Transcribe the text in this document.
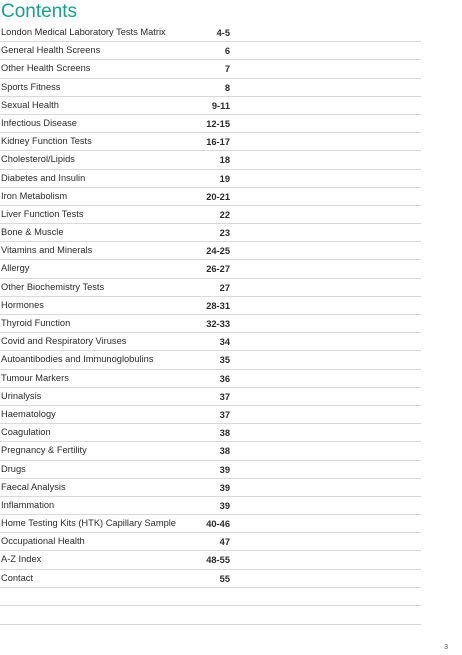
Contents
London Medical Laboratory Tests Matrix	4-5
General Health Screens	6
Other Health Screens	7
Sports Fitness	8
Sexual Health	9-11
Infectious Disease	12-15
Kidney Function Tests	16-17
Cholesterol/Lipids	18
Diabetes and Insulin	19
Iron Metabolism	20-21
Liver Function Tests	22
Bone & Muscle	23
Vitamins and Minerals	24-25
Allergy	26-27
Other Biochemistry Tests	27
Hormones	28-31
Thyroid Function	32-33
Covid and Respiratory Viruses	34
Autoantibodies and Immunoglobulins	35
Tumour Markers	36
Urinalysis	37
Haematology	37
Coagulation	38
Pregnancy & Fertility	38
Drugs	39
Faecal Analysis	39
Inflammation	39
Home Testing Kits (HTK) Capillary Sample	40-46
Occupational Health	47
A-Z Index	48-55
Contact	55
3
